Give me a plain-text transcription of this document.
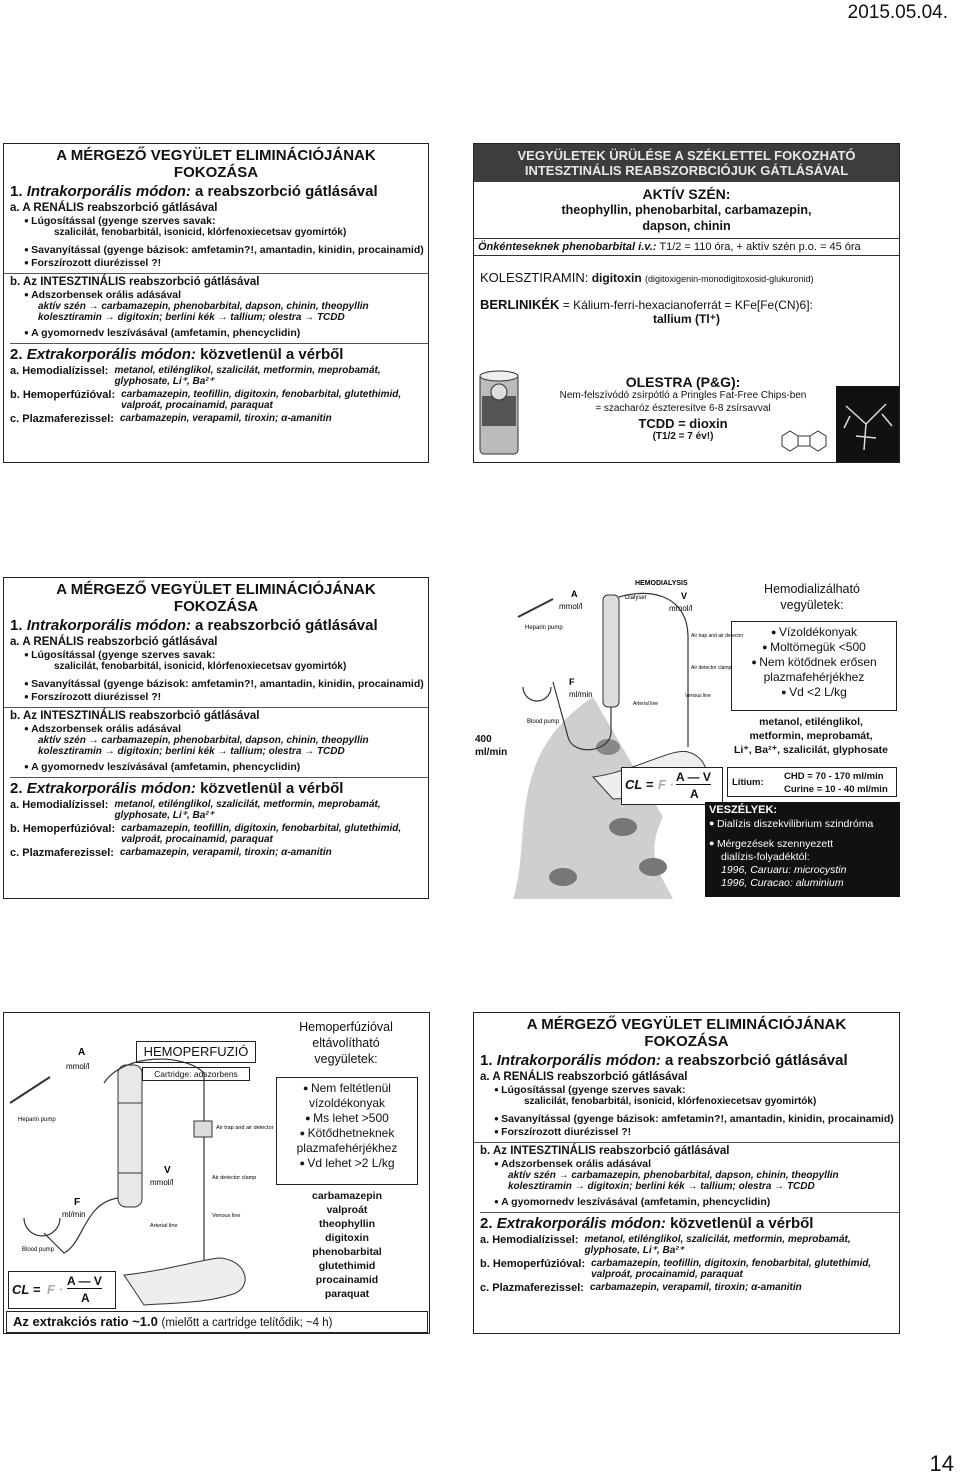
2015.05.04.
A MÉRGEZŐ VEGYÜLET ELIMINÁCIÓJÁNAK
FOKOZÁSA
1. Intrakorporális módon: a reabszorbció gátlásával
a. A RENÁLIS reabszorbció gátlásával
● Lúgosítással (gyenge szerves savak:
szalicilát, fenobarbitál, isonicid, klórfenoxiecetsav gyomirtók)
● Savanyítással (gyenge bázisok: amfetamin?!, amantadin, kinidin, procainamid)
● Forszírozott diurézissel ?!
b. Az INTESZTINÁLIS reabszorbció gátlásával
● Adszorbensek orális adásával
aktív szén → carbamazepin, phenobarbital, dapson, chinin, theopyllin
kolesztiramin → digitoxin; berlini kék → tallium; olestra → TCDD
● A gyomornedv leszívásával (amfetamin, phencyclidin)
2. Extrakorporális módon: közvetlenül a vérből
a. Hemodialízissel: metanol, etilénglikol, szalicilát, metformin, meprobamát, glyphosate, Li⁺, Ba²⁺
b. Hemoperfúzióval: carbamazepin, teofillin, digitoxin, fenobarbital, glutethimid, valproát, procainamid, paraquat
c. Plazmaferezissel: carbamazepin, verapamil, tiroxin; α-amanitin
VEGYÜLETEK ÜRÜLÉSE A SZÉKLETTEL FOKOZHATÓ
INTESZTINÁLIS REABSZORBCIÓJUK GÁTLÁSÁVAL
AKTÍV SZÉN:
theophyllin, phenobarbital, carbamazepin,
dapson, chinin
Önkénteseknek phenobarbital i.v.: T1/2 = 110 óra, + aktív szén p.o. = 45 óra
KOLESZTIRAMIN: digitoxin (digitoxigenin-monodigitoxosid-glukuronid)
BERLINIKÉK = Kálium-ferri-hexacianoferrát = KFe[Fe(CN)6]:
tallium (Tl⁺)
OLESTRA (P&G):
Nem-felszívódó zsírpótló a Pringles Fat-Free Chips-ben
= szacharóz észteresítve 6-8 zsírsavval
TCDD = dioxin
(T1/2 = 7 év!)
A MÉRGEZŐ VEGYÜLET ELIMINÁCIÓJÁNAK
FOKOZÁSA
1. Intrakorporális módon: a reabszorbció gátlásával
a. A RENÁLIS reabszorbció gátlásával
● Lúgosítással (gyenge szerves savak:
szalicilát, fenobarbitál, isonicid, klórfenoxiecetsav gyomirtók)
● Savanyítással (gyenge bázisok: amfetamin?!, amantadin, kinidin, procainamid)
● Forszírozott diurézissel ?!
b. Az INTESZTINÁLIS reabszorbció gátlásával
● Adszorbensek orális adásával
aktív szén → carbamazepin, phenobarbital, dapson, chinin, theopyllin
kolesztiramin → digitoxin; berlini kék → tallium; olestra → TCDD
● A gyomornedv leszívásával (amfetamin, phencyclidin)
2. Extrakorporális módon: közvetlenül a vérből
a. Hemodialízissel: metanol, etilénglikol, szalicilát, metformin, meprobamát, glyphosate, Li⁺, Ba²⁺
b. Hemoperfúzióval: carbamazepin, teofillin, digitoxin, fenobarbital, glutethimid, valproát, procainamid, paraquat
c. Plazmaferezissel: carbamazepin, verapamil, tiroxin; α-amanitin
HEMODIALYSIS
A
mmol/l
V
mmol/l
F
ml/min
Dialyser
Heparin pump
Blood pump
Air trap and air detector
Air detector clamp
Arterial line
Venous line
400 ml/min
CL = F · A — V
A
Hemodializálható
vegyületek:
● Vízoldékonyak
● Moltömegük <500
● Nem kötődnek erősen plazmafehérjékhez
● Vd <2 L/kg
metanol, etilénglikol,
metformin, meprobamát,
Li⁺, Ba²⁺, szalicilát, glyphosate
Lítium:
CHD = 70 - 170 ml/min
Curine = 10 - 40 ml/min
VESZÉLYEK:
● Dialízis diszekvilibrium szindróma
● Mérgezések szennyezett
dialízis-folyadéktól:
1996, Caruaru: microcystin
1996, Curacao: aluminium
A
mmol/l
V
mmol/l
F
ml/min
Heparin pump
Blood pump
Air trap and air detector
Air detector clamp
Arterial line
Venous line
HEMOPERFUZIÓ
Cartridge: adszorbens
CL = F ·
A — V
A
Az extrakciós ratio ~1.0 (mielőtt a cartridge telítődik; ~4 h)
Hemoperfúzióval
eltávolítható
vegyületek:
● Nem feltétlenül vízoldékonyak
● Ms lehet >500
● Kötődhetneknek plazmafehérjékhez
● Vd lehet >2 L/kg
carbamazepin
valproát
theophyllin
digitoxin
phenobarbital
glutethimid
procainamid
paraquat
A MÉRGEZŐ VEGYÜLET ELIMINÁCIÓJÁNAK
FOKOZÁSA
1. Intrakorporális módon: a reabszorbció gátlásával
a. A RENÁLIS reabszorbció gátlásával
● Lúgosítással (gyenge szerves savak:
szalicilát, fenobarbitál, isonicid, klórfenoxiecetsav gyomirtók)
● Savanyítással (gyenge bázisok: amfetamin?!, amantadin, kinidin, procainamid)
● Forszírozott diurézissel ?!
b. Az INTESZTINÁLIS reabszorbció gátlásával
● Adszorbensek orális adásával
aktív szén → carbamazepin, phenobarbital, dapson, chinin, theopyllin
kolesztiramin → digitoxin; berlini kék → tallium; olestra → TCDD
● A gyomornedv leszívásával (amfetamin, phencyclidin)
2. Extrakorporális módon: közvetlenül a vérből
a. Hemodialízissel: metanol, etilénglikol, szalicilát, metformin, meprobamát, glyphosate, Li⁺, Ba²⁺
b. Hemoperfúzióval: carbamazepin, teofillin, digitoxin, fenobarbital, glutethimid, valproát, procainamid, paraquat
c. Plazmaferezissel: carbamazepin, verapamil, tiroxin; α-amanitin
14
